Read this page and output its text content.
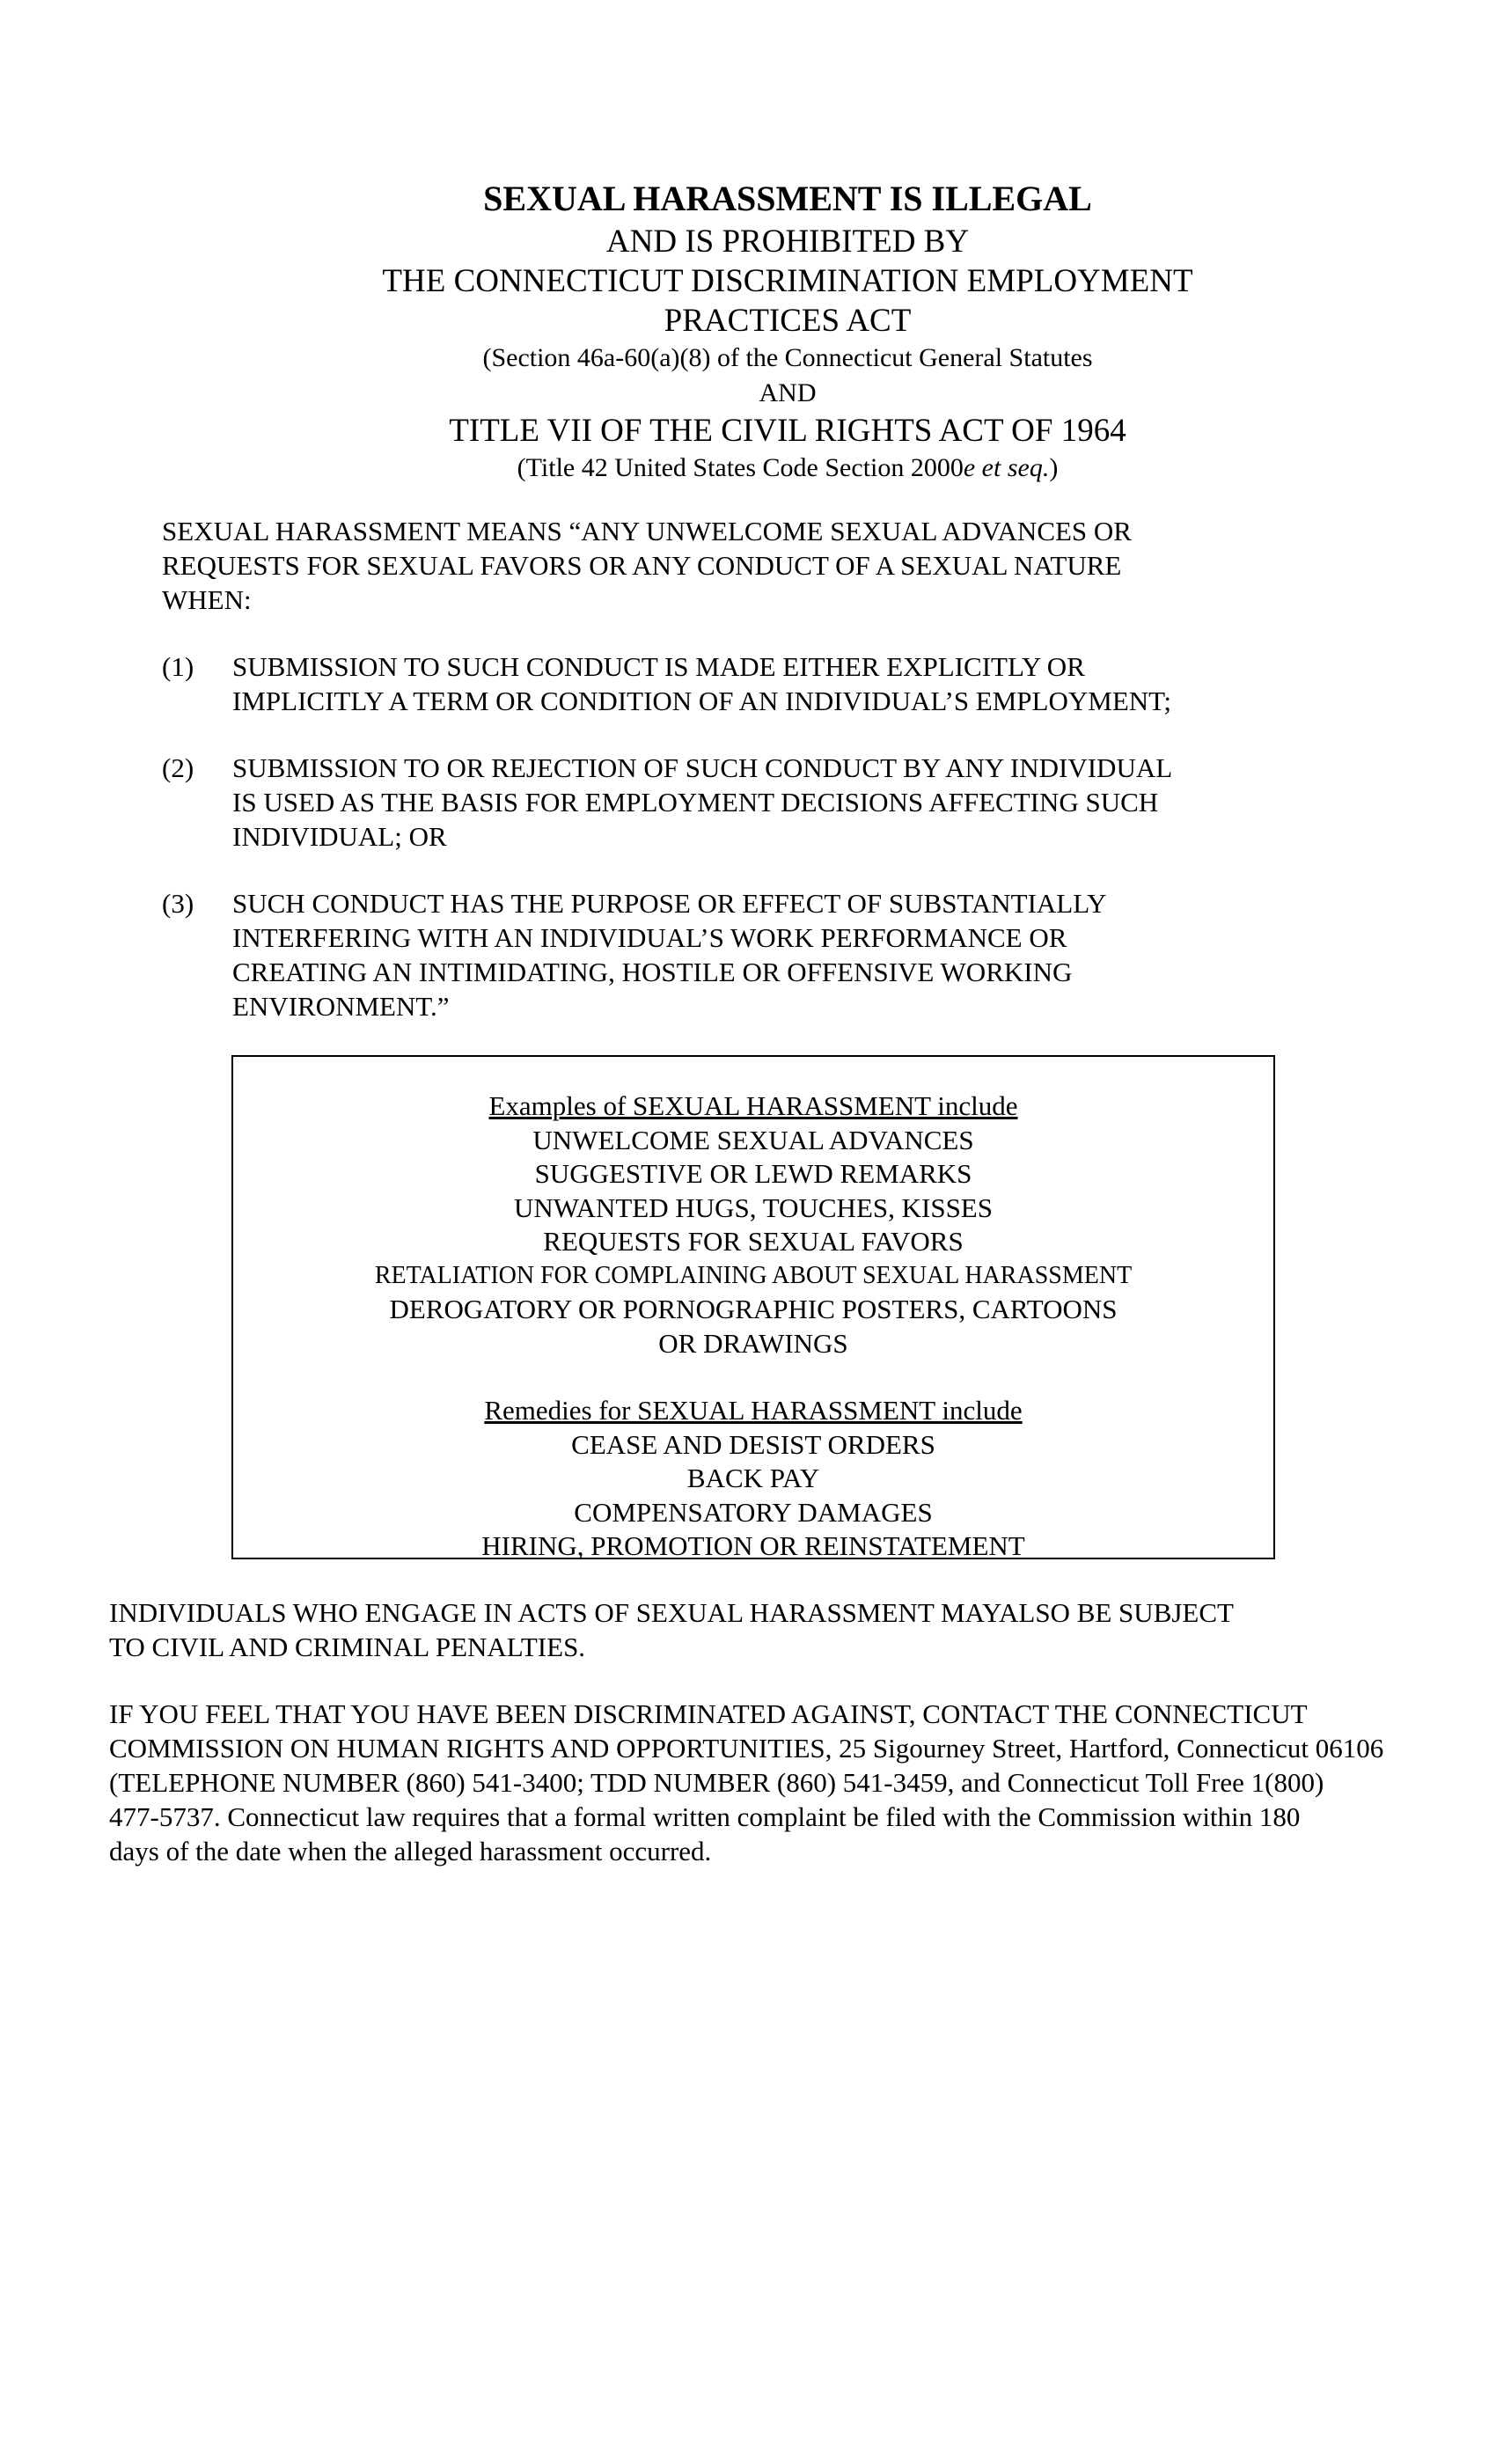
SEXUAL HARASSMENT IS ILLEGAL
AND IS PROHIBITED BY
THE CONNECTICUT DISCRIMINATION EMPLOYMENT
PRACTICES ACT
(Section 46a-60(a)(8) of the Connecticut General Statutes
AND
TITLE VII OF THE CIVIL RIGHTS ACT OF 1964
(Title 42 United States Code Section 2000e et seq.)
SEXUAL HARASSMENT MEANS “ANY UNWELCOME SEXUAL ADVANCES OR
REQUESTS FOR SEXUAL FAVORS OR ANY CONDUCT OF A SEXUAL NATURE
WHEN:
(1) SUBMISSION TO SUCH CONDUCT IS MADE EITHER EXPLICITLY OR
IMPLICITLY A TERM OR CONDITION OF AN INDIVIDUAL’S EMPLOYMENT;
(2) SUBMISSION TO OR REJECTION OF SUCH CONDUCT BY ANY INDIVIDUAL
IS USED AS THE BASIS FOR EMPLOYMENT DECISIONS AFFECTING SUCH
INDIVIDUAL; OR
(3) SUCH CONDUCT HAS THE PURPOSE OR EFFECT OF SUBSTANTIALLY
INTERFERING WITH AN INDIVIDUAL’S WORK PERFORMANCE OR
CREATING AN INTIMIDATING, HOSTILE OR OFFENSIVE WORKING
ENVIRONMENT.”
Examples of SEXUAL HARASSMENT include
UNWELCOME SEXUAL ADVANCES
SUGGESTIVE OR LEWD REMARKS
UNWANTED HUGS, TOUCHES, KISSES
REQUESTS FOR SEXUAL FAVORS
RETALIATION FOR COMPLAINING ABOUT SEXUAL HARASSMENT
DEROGATORY OR PORNOGRAPHIC POSTERS, CARTOONS
OR DRAWINGS
Remedies for SEXUAL HARASSMENT include
CEASE AND DESIST ORDERS
BACK PAY
COMPENSATORY DAMAGES
HIRING, PROMOTION OR REINSTATEMENT
INDIVIDUALS WHO ENGAGE IN ACTS OF SEXUAL HARASSMENT MAYALSO BE SUBJECT
TO CIVIL AND CRIMINAL PENALTIES.
IF YOU FEEL THAT YOU HAVE BEEN DISCRIMINATED AGAINST, CONTACT THE CONNECTICUT
COMMISSION ON HUMAN RIGHTS AND OPPORTUNITIES, 25 Sigourney Street, Hartford, Connecticut 06106
(TELEPHONE NUMBER (860) 541-3400; TDD NUMBER (860) 541-3459, and Connecticut Toll Free 1(800)
477-5737. Connecticut law requires that a formal written complaint be filed with the Commission within 180
days of the date when the alleged harassment occurred.
